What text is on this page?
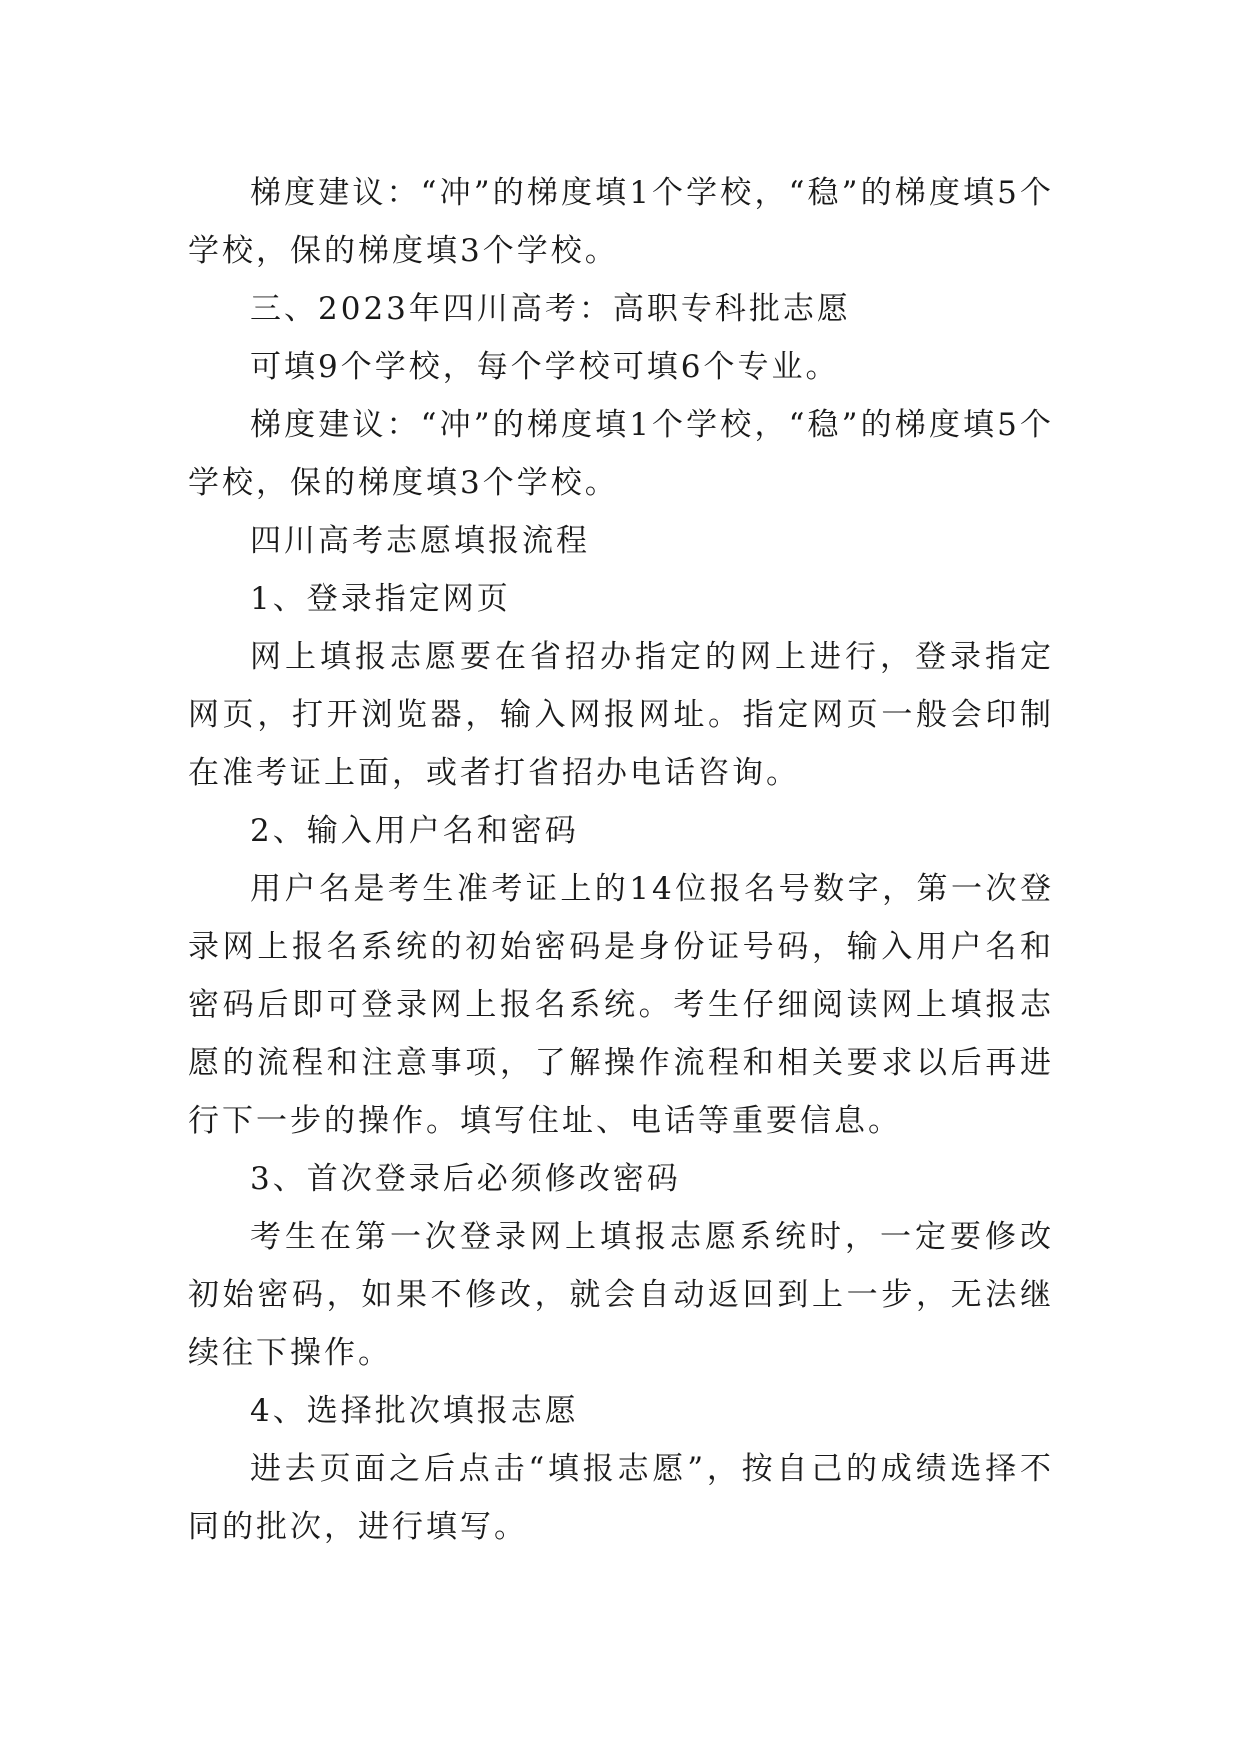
梯度建议：“冲”的梯度填1个学校，“稳”的梯度填5个学校，保的梯度填3个学校。

三、2023年四川高考：高职专科批志愿

可填9个学校，每个学校可填6个专业。

梯度建议：“冲”的梯度填1个学校，“稳”的梯度填5个学校，保的梯度填3个学校。

四川高考志愿填报流程

1、登录指定网页

网上填报志愿要在省招办指定的网上进行，登录指定网页，打开浏览器，输入网报网址。指定网页一般会印制在准考证上面，或者打省招办电话咨询。

2、输入用户名和密码

用户名是考生准考证上的14位报名号数字，第一次登录网上报名系统的初始密码是身份证号码，输入用户名和密码后即可登录网上报名系统。考生仔细阅读网上填报志愿的流程和注意事项，了解操作流程和相关要求以后再进行下一步的操作。填写住址、电话等重要信息。

3、首次登录后必须修改密码

考生在第一次登录网上填报志愿系统时，一定要修改初始密码，如果不修改，就会自动返回到上一步，无法继续往下操作。

4、选择批次填报志愿

进去页面之后点击“填报志愿”，按自己的成绩选择不同的批次，进行填写。
